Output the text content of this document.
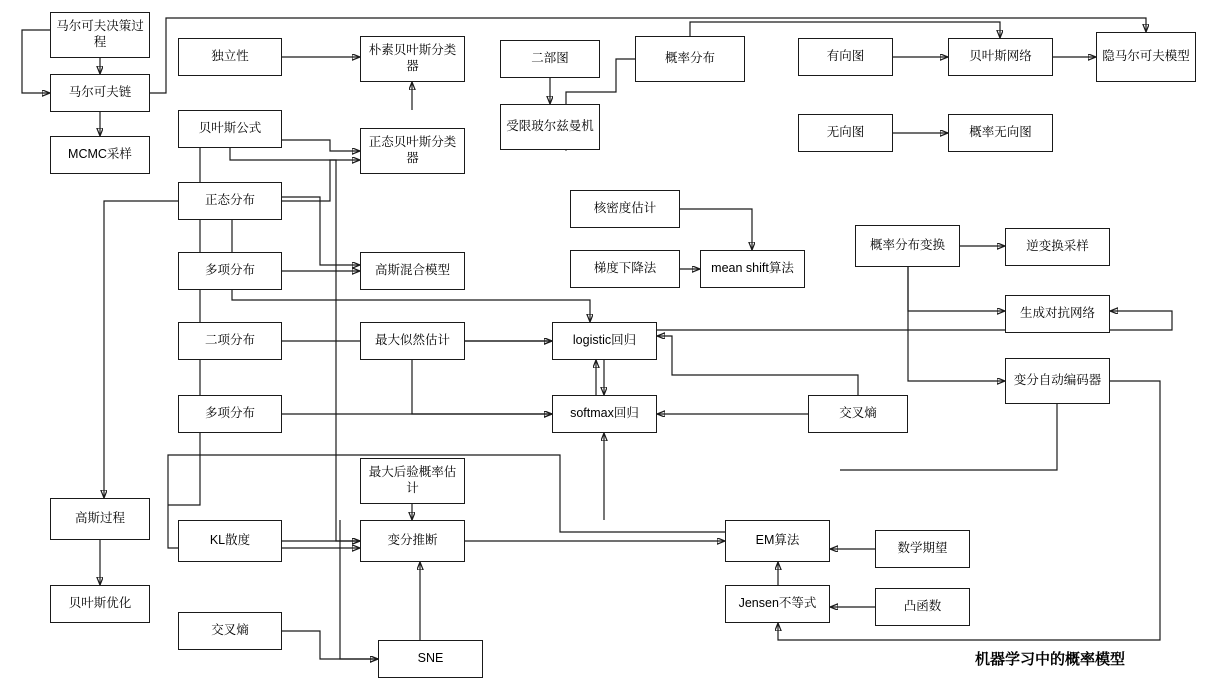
机器学习中的概率模型
马尔可夫决策过程
马尔可夫链
MCMC采样
独立性	朴素贝叶斯分类器
贝叶斯公式
正态贝叶斯分类器
正态分布
多项分布	高斯混合模型
二项分布
多项分布
二部图
受限玻尔兹曼机
概率分布	有向图	贝叶斯网络	隐马尔可夫模型
无向图	概率无向图
核密度估计
梯度下降法	mean shift算法
概率分布变换	逆变换采样
生成对抗网络
变分自动编码器
最大似然估计	logistic回归
softmax回归	交叉熵
最大后验概率估计
高斯过程
KL散度	变分推断	EM算法
数学期望
贝叶斯优化
交叉熵
Jensen不等式	凸函数
SNE
